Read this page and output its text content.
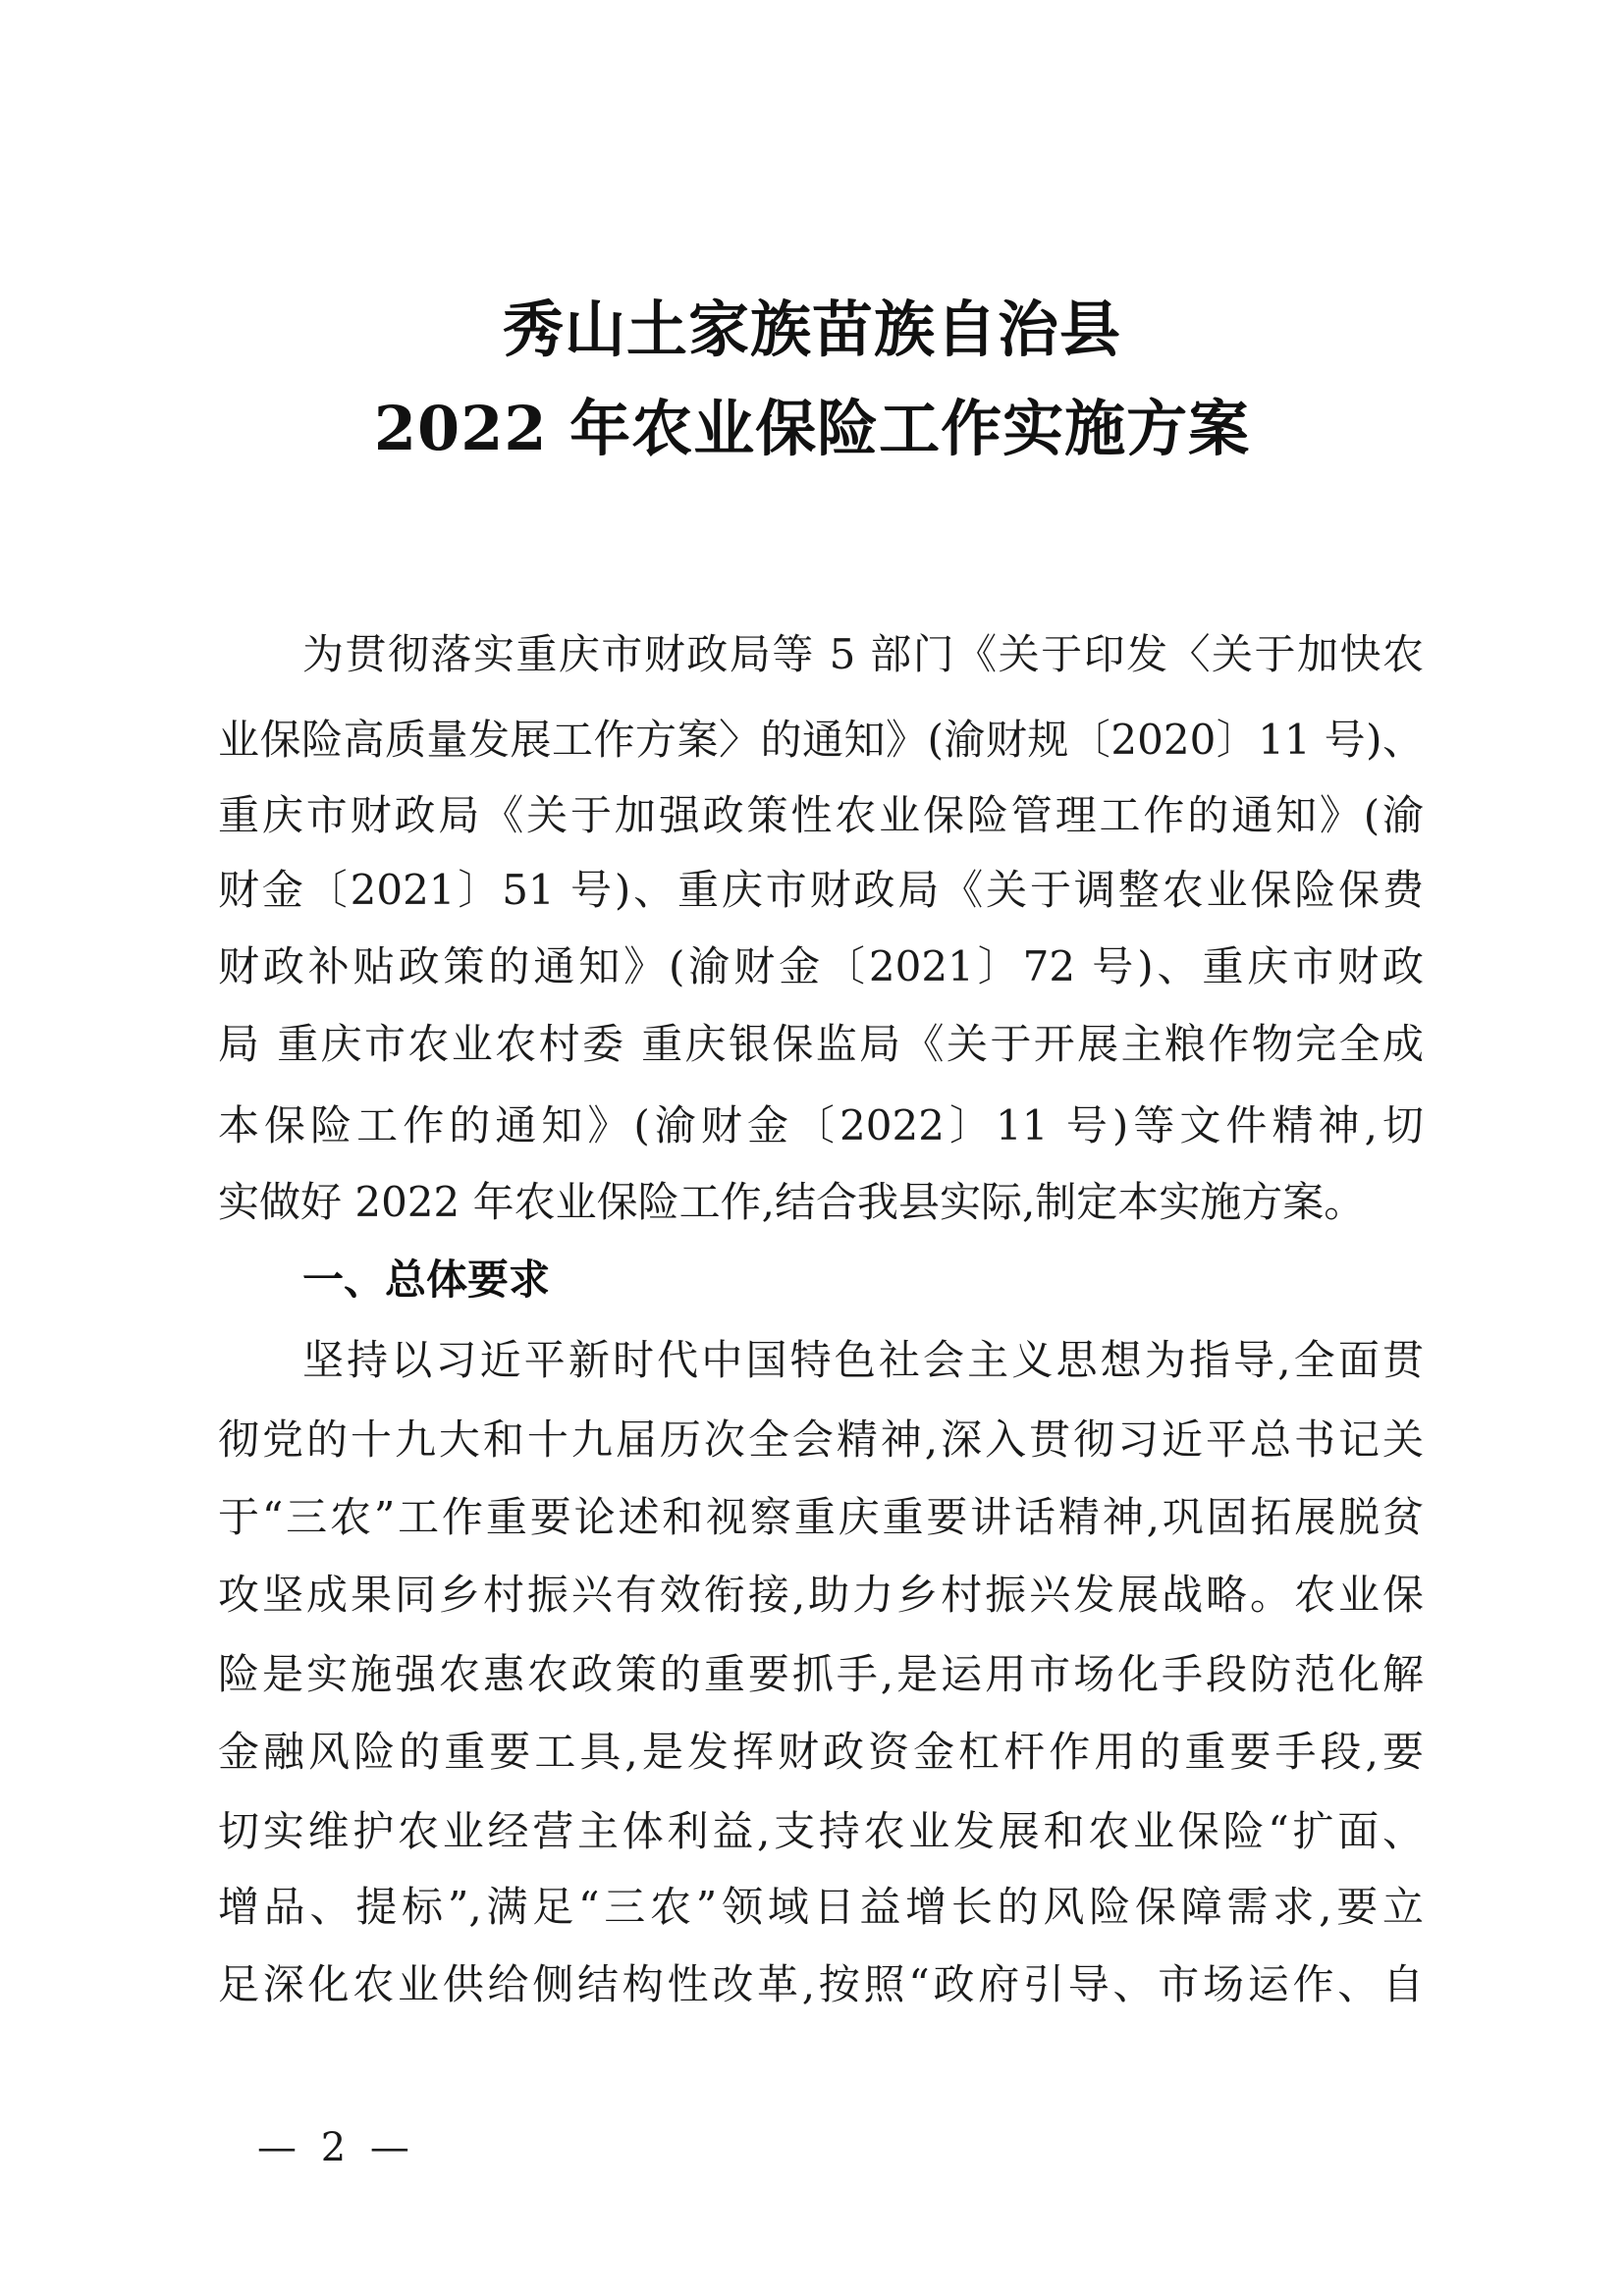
秀山土家族苗族自治县
2022 年农业保险工作实施方案
为贯彻落实重庆市财政局等 5 部门《关于印发〈关于加快农
业保险高质量发展工作方案〉的通知》(渝财规〔2020〕11 号)、
重庆市财政局《关于加强政策性农业保险管理工作的通知》(渝
财金〔2021〕51 号)、重庆市财政局《关于调整农业保险保费
财政补贴政策的通知》(渝财金〔2021〕72 号)、重庆市财政
局 重庆市农业农村委 重庆银保监局《关于开展主粮作物完全成
本保险工作的通知》(渝财金〔2022〕11 号)等文件精神,切
实做好 2022 年农业保险工作,结合我县实际,制定本实施方案。
一、总体要求
坚持以习近平新时代中国特色社会主义思想为指导,全面贯
彻党的十九大和十九届历次全会精神,深入贯彻习近平总书记关
于“三农”工作重要论述和视察重庆重要讲话精神,巩固拓展脱贫
攻坚成果同乡村振兴有效衔接,助力乡村振兴发展战略。农业保
险是实施强农惠农政策的重要抓手,是运用市场化手段防范化解
金融风险的重要工具,是发挥财政资金杠杆作用的重要手段,要
切实维护农业经营主体利益,支持农业发展和农业保险“扩面、
增品、提标”,满足“三农”领域日益增长的风险保障需求,要立
足深化农业供给侧结构性改革,按照“政府引导、市场运作、自
— 2 —
